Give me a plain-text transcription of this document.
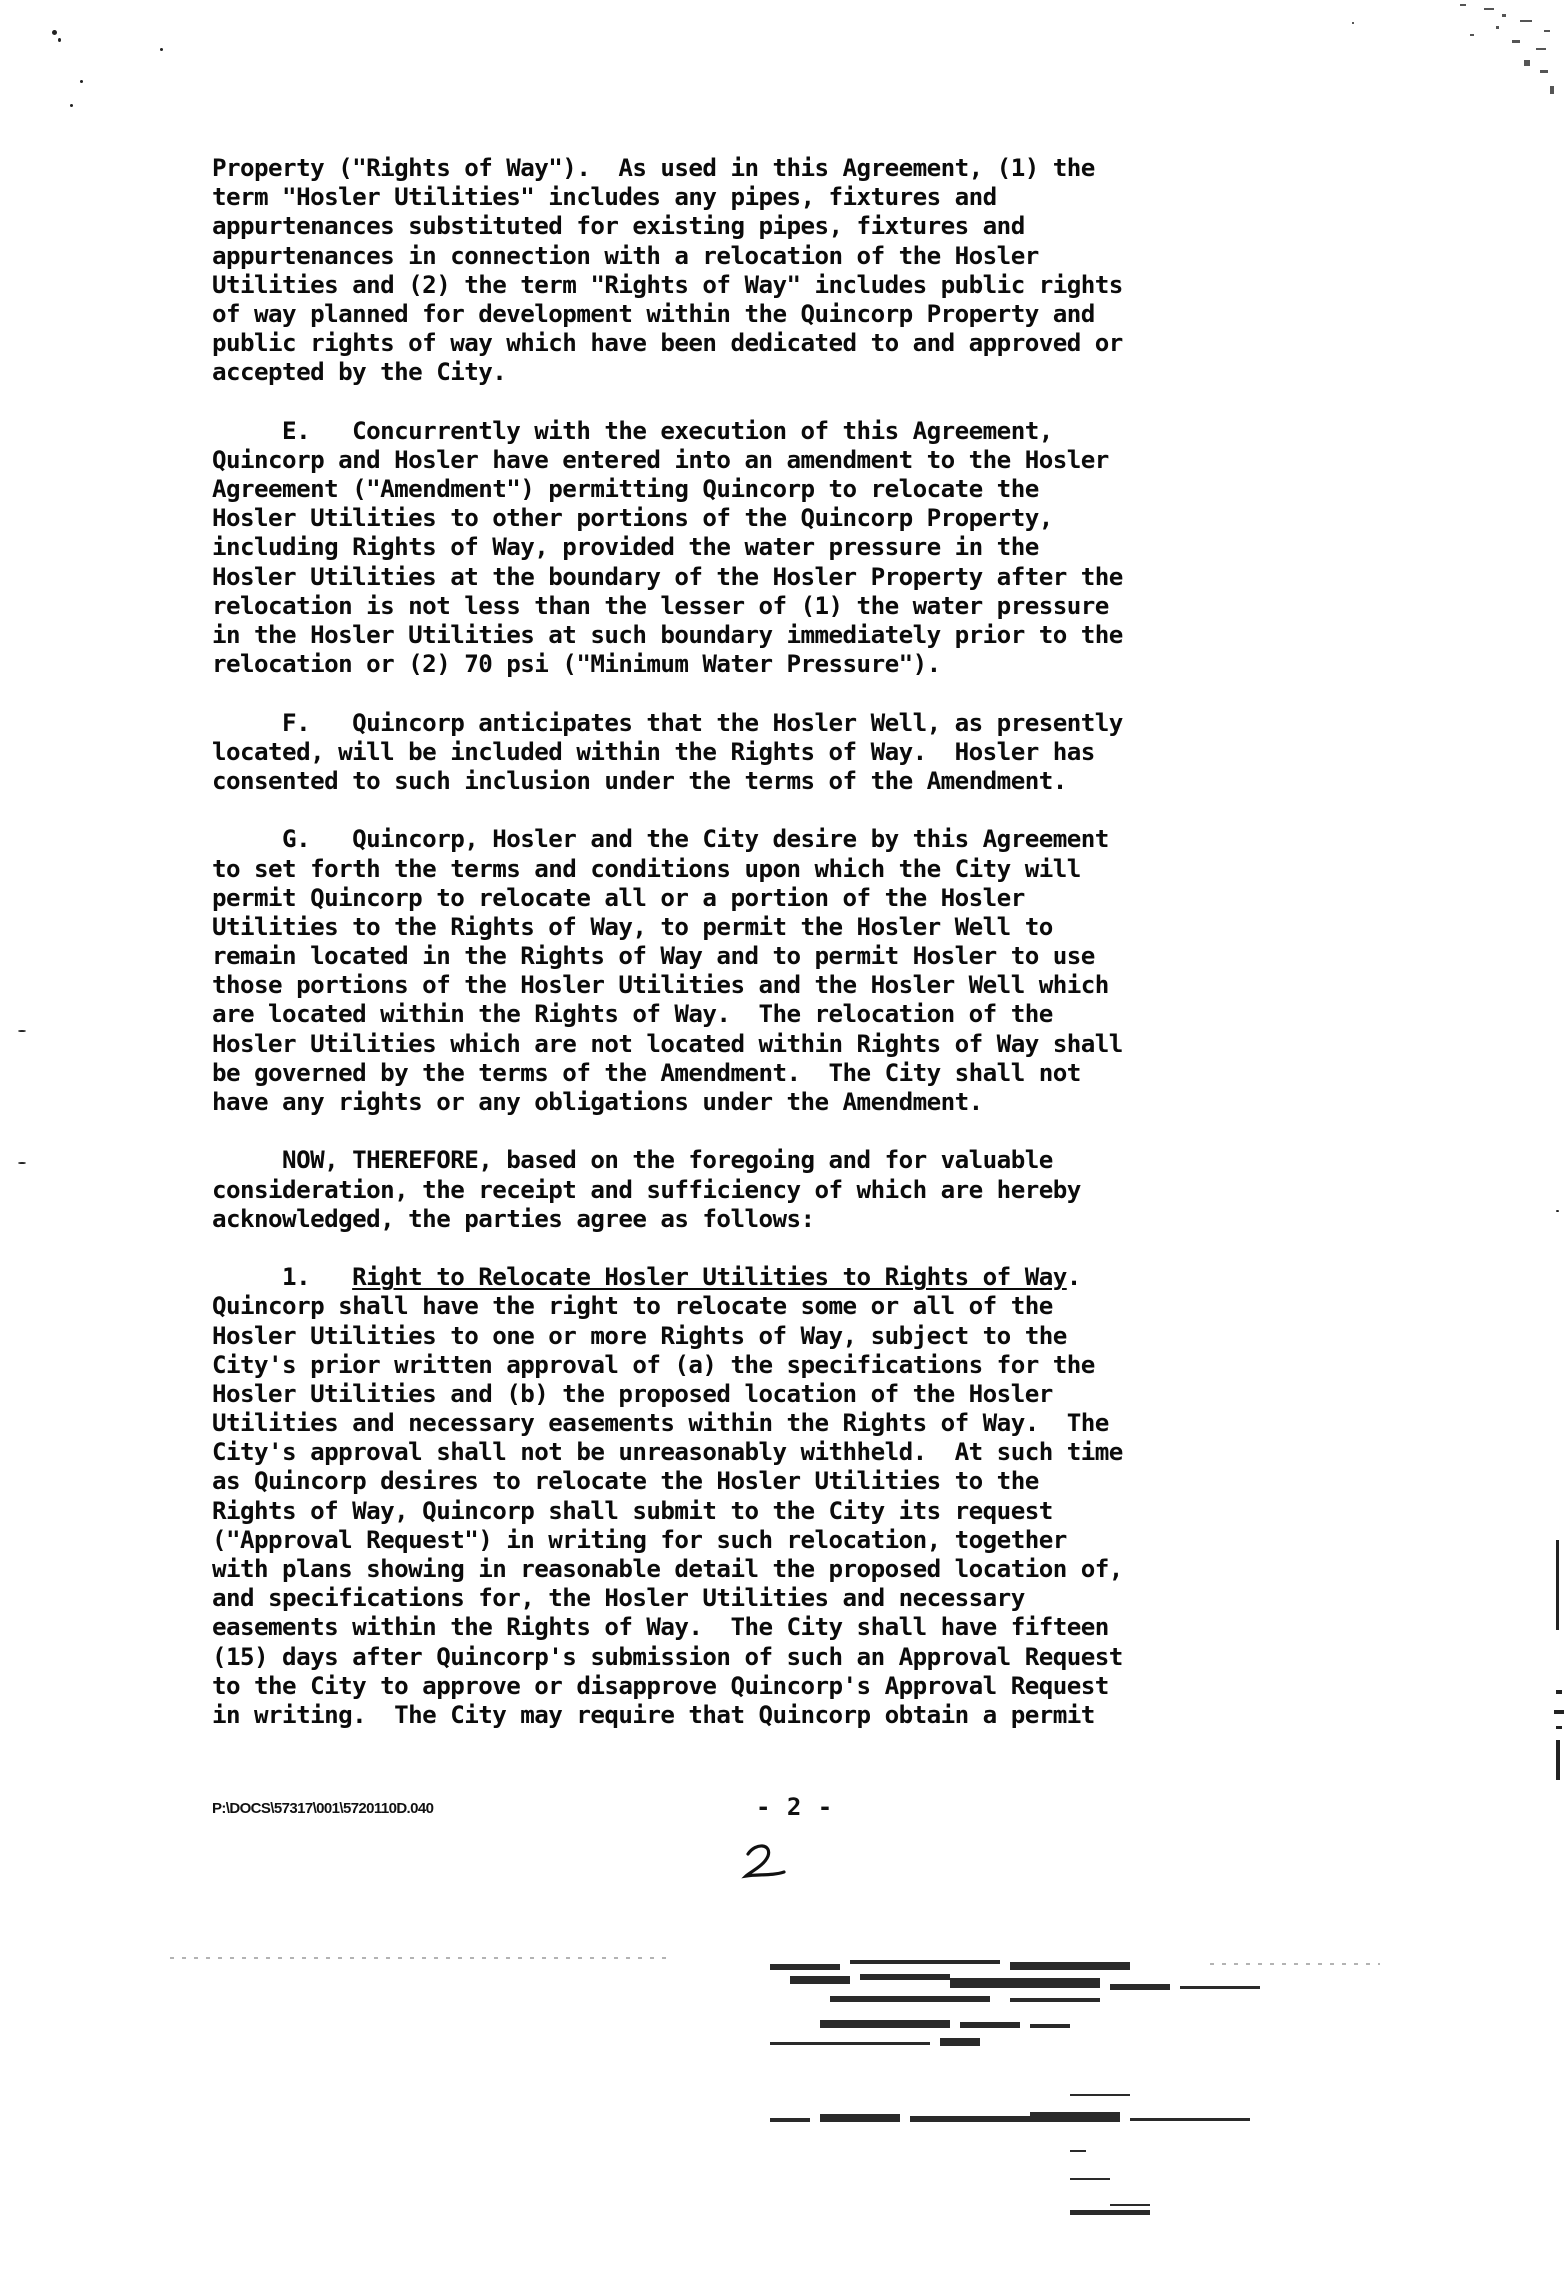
Property ("Rights of Way").  As used in this Agreement, (1) the
term "Hosler Utilities" includes any pipes, fixtures and
appurtenances substituted for existing pipes, fixtures and
appurtenances in connection with a relocation of the Hosler
Utilities and (2) the term "Rights of Way" includes public rights
of way planned for development within the Quincorp Property and
public rights of way which have been dedicated to and approved or
accepted by the City.

E.   Concurrently with the execution of this Agreement,
Quincorp and Hosler have entered into an amendment to the Hosler
Agreement ("Amendment") permitting Quincorp to relocate the
Hosler Utilities to other portions of the Quincorp Property,
including Rights of Way, provided the water pressure in the
Hosler Utilities at the boundary of the Hosler Property after the
relocation is not less than the lesser of (1) the water pressure
in the Hosler Utilities at such boundary immediately prior to the
relocation or (2) 70 psi ("Minimum Water Pressure").

F.   Quincorp anticipates that the Hosler Well, as presently
located, will be included within the Rights of Way.  Hosler has
consented to such inclusion under the terms of the Amendment.

G.   Quincorp, Hosler and the City desire by this Agreement
to set forth the terms and conditions upon which the City will
permit Quincorp to relocate all or a portion of the Hosler
Utilities to the Rights of Way, to permit the Hosler Well to
remain located in the Rights of Way and to permit Hosler to use
those portions of the Hosler Utilities and the Hosler Well which
are located within the Rights of Way.  The relocation of the
Hosler Utilities which are not located within Rights of Way shall
be governed by the terms of the Amendment.  The City shall not
have any rights or any obligations under the Amendment.

NOW, THEREFORE, based on the foregoing and for valuable
consideration, the receipt and sufficiency of which are hereby
acknowledged, the parties agree as follows:

1.   Right to Relocate Hosler Utilities to Rights of Way.
Quincorp shall have the right to relocate some or all of the
Hosler Utilities to one or more Rights of Way, subject to the
City's prior written approval of (a) the specifications for the
Hosler Utilities and (b) the proposed location of the Hosler
Utilities and necessary easements within the Rights of Way.  The
City's approval shall not be unreasonably withheld.  At such time
as Quincorp desires to relocate the Hosler Utilities to the
Rights of Way, Quincorp shall submit to the City its request
("Approval Request") in writing for such relocation, together
with plans showing in reasonable detail the proposed location of,
and specifications for, the Hosler Utilities and necessary
easements within the Rights of Way.  The City shall have fifteen
(15) days after Quincorp's submission of such an Approval Request
to the City to approve or disapprove Quincorp's Approval Request
in writing.  The City may require that Quincorp obtain a permit
P:\DOCS\57317\001\5720110D.040	- 2 -
